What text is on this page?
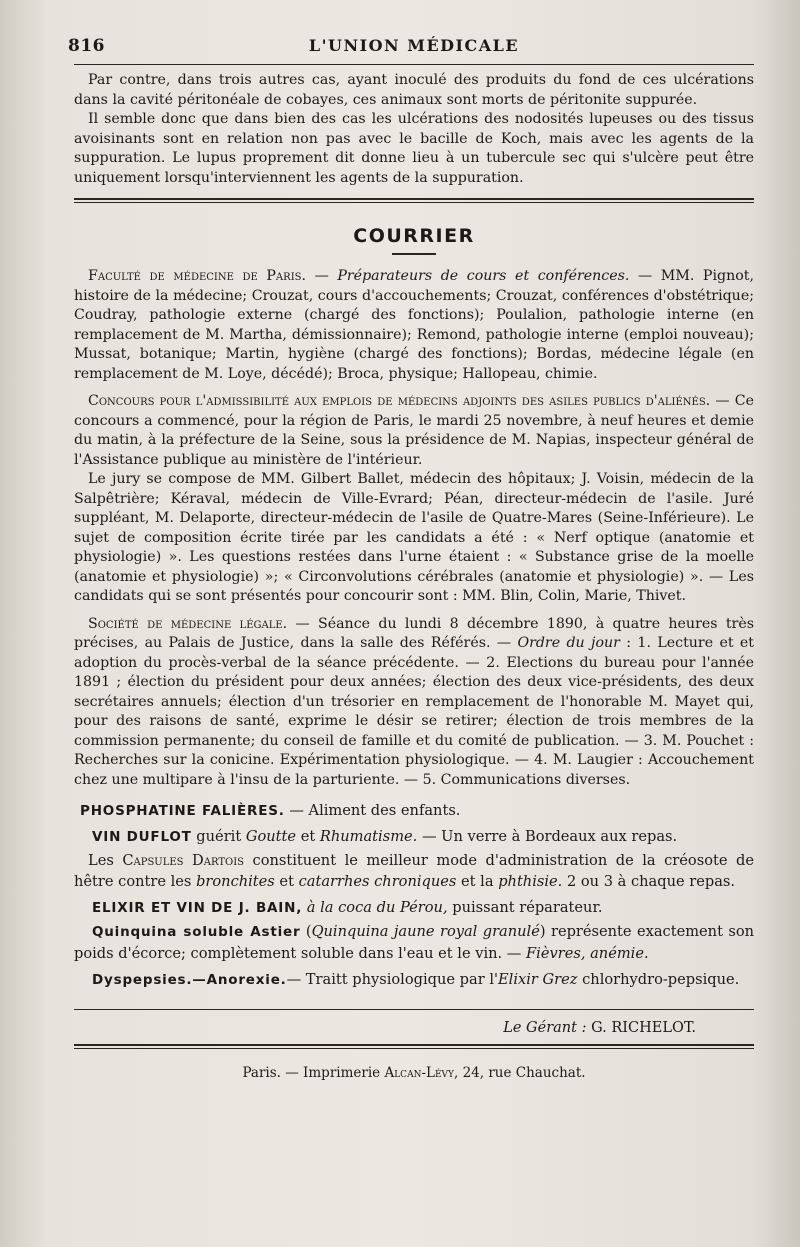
816	L'UNION MÉDICALE

Par contre, dans trois autres cas, ayant inoculé des produits du fond de ces ulcérations dans la cavité péritonéale de cobayes, ces animaux sont morts de péritonite suppurée.

Il semble donc que dans bien des cas les ulcérations des nodosités lupeuses ou des tissus avoisinants sont en relation non pas avec le bacille de Koch, mais avec les agents de la suppuration. Le lupus proprement dit donne lieu à un tubercule sec qui s'ulcère peut être uniquement lorsqu'interviennent les agents de la suppuration.

COURRIER

Faculté de médecine de Paris. — Préparateurs de cours et conférences. — MM. Pignot, histoire de la médecine; Crouzat, cours d'accouchements; Crouzat, conférences d'obstétrique; Coudray, pathologie externe (chargé des fonctions); Poulalion, pathologie interne (en remplacement de M. Martha, démissionnaire); Remond, pathologie interne (emploi nouveau); Mussat, botanique; Martin, hygiène (chargé des fonctions); Bordas, médecine légale (en remplacement de M. Loye, décédé); Broca, physique; Hallopeau, chimie.

Concours pour l'admissibilité aux emplois de médecins adjoints des asiles publics d'aliénés. — Ce concours a commencé, pour la région de Paris, le mardi 25 novembre, à neuf heures et demie du matin, à la préfecture de la Seine, sous la présidence de M. Napias, inspecteur général de l'Assistance publique au ministère de l'intérieur.

Le jury se compose de MM. Gilbert Ballet, médecin des hôpitaux; J. Voisin, médecin de la Salpêtrière; Kéraval, médecin de Ville-Evrard; Péan, directeur-médecin de l'asile. Juré suppléant, M. Delaporte, directeur-médecin de l'asile de Quatre-Mares (Seine-Inférieure). Le sujet de composition écrite tirée par les candidats a été : « Nerf optique (anatomie et physiologie) ». Les questions restées dans l'urne étaient : « Substance grise de la moelle (anatomie et physiologie) »; « Circonvolutions cérébrales (anatomie et physiologie) ». — Les candidats qui se sont présentés pour concourir sont : MM. Blin, Colin, Marie, Thivet.

Société de médecine légale. — Séance du lundi 8 décembre 1890, à quatre heures très précises, au Palais de Justice, dans la salle des Référés. — Ordre du jour : 1. Lecture et et adoption du procès-verbal de la séance précédente. — 2. Elections du bureau pour l'année 1891 ; élection du président pour deux années; élection des deux vice-présidents, des deux secrétaires annuels; élection d'un trésorier en remplacement de l'honorable M. Mayet qui, pour des raisons de santé, exprime le désir se retirer; élection de trois membres de la commission permanente; du conseil de famille et du comité de publication. — 3. M. Pouchet : Recherches sur la conicine. Expérimentation physiologique. — 4. M. Laugier : Accouchement chez une multipare à l'insu de la parturiente. — 5. Communications diverses.

PHOSPHATINE FALIÈRES. — Aliment des enfants.
VIN DUFLOT guérit Goutte et Rhumatisme. — Un verre à Bordeaux aux repas.
Les Capsules Dartois constituent le meilleur mode d'administration de la créosote de hêtre contre les bronchites et catarrhes chroniques et la phthisie. 2 ou 3 à chaque repas.
ELIXIR ET VIN DE J. BAIN, à la coca du Pérou, puissant réparateur.
Quinquina soluble Astier (Quinquina jaune royal granulé) représente exactement son poids d'écorce; complètement soluble dans l'eau et le vin. — Fièvres, anémie.
Dyspepsies.—Anorexie.— Traitt physiologique par l'Elixir Grez chlorhydro-pepsique.
Le Gérant : G. RICHELOT.
Paris. — Imprimerie Alcan-Lévy, 24, rue Chauchat.
